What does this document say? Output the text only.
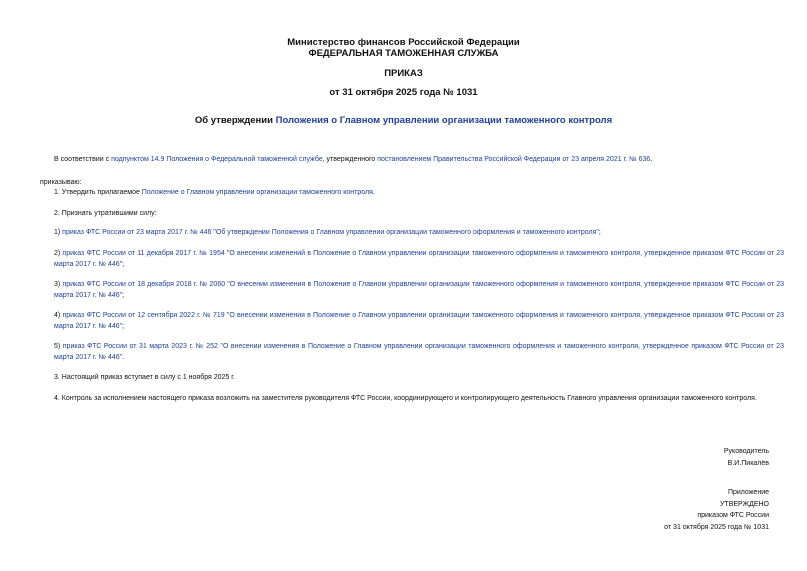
Министерство финансов Российской Федерации
ФЕДЕРАЛЬНАЯ ТАМОЖЕННАЯ СЛУЖБА
ПРИКАЗ
от 31 октября 2025 года № 1031
Об утверждении Положения о Главном управлении организации таможенного контроля
В соответствии с подпунктом 14.9 Положения о Федеральной таможенной службе, утвержденного постановлением Правительства Российской Федерации от 23 апреля 2021 г. № 636,
приказываю:
1. Утвердить прилагаемое Положение о Главном управлении организации таможенного контроля.
2. Признать утратившими силу:
1) приказ ФТС России от 23 марта 2017 г. № 446 "Об утверждении Положения о Главном управлении организации таможенного оформления и таможенного контроля";
2) приказ ФТС России от 11 декабря 2017 г. № 1954 "О внесении изменений в Положение о Главном управлении организации таможенного оформления и таможенного контроля, утвержденное приказом ФТС России от 23 марта 2017 г. № 446";
3) приказ ФТС России от 18 декабря 2018 г. № 2060 "О внесении изменения в Положение о Главном управлении организации таможенного оформления и таможенного контроля, утвержденное приказом ФТС России от 23 марта 2017 г. № 446";
4) приказ ФТС России от 12 сентября 2022 г. № 719 "О внесении изменения в Положение о Главном управлении организации таможенного оформления и таможенного контроля, утвержденное приказом ФТС России от 23 марта 2017 г. № 446";
5) приказ ФТС России от 31 марта 2023 г. № 252 "О внесении изменения в Положение о Главном управлении организации таможенного оформления и таможенного контроля, утвержденное приказом ФТС России от 23 марта 2017 г. № 446".
3. Настоящий приказ вступает в силу с 1 ноября 2025 г.
4. Контроль за исполнением настоящего приказа возложить на заместителя руководителя ФТС России, координирующего и контролирующего деятельность Главного управления организации таможенного контроля.
Руководитель
В.И.Пикалёв
Приложение
УТВЕРЖДЕНО
приказом ФТС России
от 31 октября 2025 года № 1031
